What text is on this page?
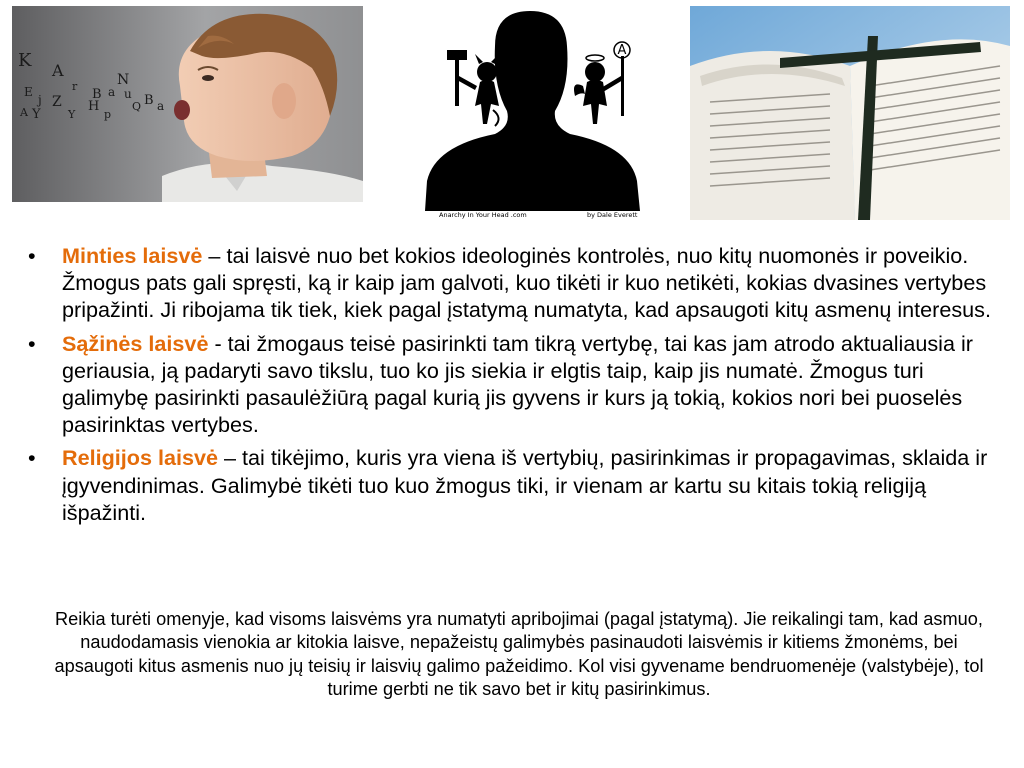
K A	N
Z B a u
E
j
Y
r
H	Q B a
A	p
Y
A
Anarchy In Your Head .com	by Dale Everett
• Minties laisvė – tai laisvė nuo bet kokios ideologinės kontrolės, nuo kitų nuomonės ir poveikio. Žmogus pats gali spręsti, ką ir kaip jam galvoti, kuo tikėti ir kuo netikėti, kokias dvasines vertybes pripažinti. Ji ribojama tik tiek, kiek pagal įstatymą numatyta, kad apsaugoti kitų asmenų interesus.
• Sąžinės laisvė - tai žmogaus teisė pasirinkti tam tikrą vertybę, tai kas jam atrodo aktualiausia ir geriausia, ją padaryti savo tikslu, tuo ko jis siekia ir elgtis taip, kaip jis numatė. Žmogus turi galimybę pasirinkti pasaulėžiūrą pagal kurią jis gyvens ir kurs ją tokią, kokios nori bei puoselės pasirinktas vertybes.
• Religijos laisvė – tai tikėjimo, kuris yra viena iš vertybių, pasirinkimas ir propagavimas, sklaida ir įgyvendinimas. Galimybė tikėti tuo kuo žmogus tiki, ir vienam ar kartu su kitais tokią religiją išpažinti.

Reikia turėti omenyje, kad visoms laisvėms yra numatyti apribojimai (pagal įstatymą). Jie reikalingi tam, kad asmuo, naudodamasis vienokia ar kitokia laisve, nepažeistų galimybės pasinaudoti laisvėmis ir kitiems žmonėms, bei apsaugoti kitus asmenis nuo jų teisių ir laisvių galimo pažeidimo. Kol visi gyvename bendruomenėje (valstybėje), tol turime gerbti ne tik savo bet ir kitų pasirinkimus.
